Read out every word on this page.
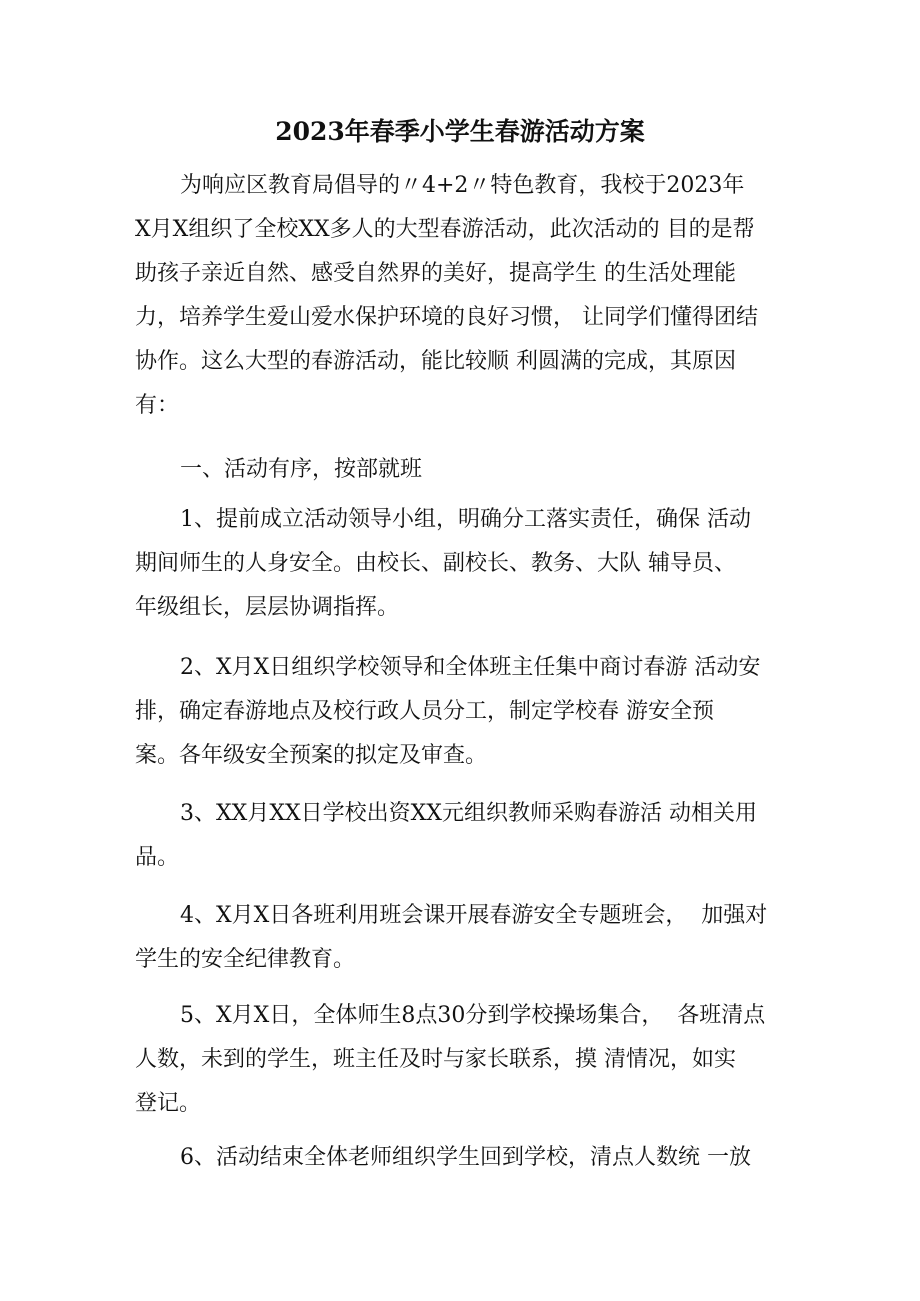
2023年春季小学生春游活动方案
为响应区教育局倡导的〃4+2〃特色教育，我校于2023年
X月X组织了全校XX多人的大型春游活动，此次活动的 目的是帮
助孩子亲近自然、感受自然界的美好，提高学生 的生活处理能
力，培养学生爱山爱水保护环境的良好习惯， 让同学们懂得团结
协作。这么大型的春游活动，能比较顺 利圆满的完成，其原因
有：
一、活动有序，按部就班
1、提前成立活动领导小组，明确分工落实责任，确保 活动
期间师生的人身安全。由校长、副校长、教务、大队 辅导员、
年级组长，层层协调指挥。
2、X月X日组织学校领导和全体班主任集中商讨春游 活动安
排，确定春游地点及校行政人员分工，制定学校春 游安全预
案。各年级安全预案的拟定及审查。
3、XX月XX日学校出资XX元组织教师采购春游活 动相关用
品。
4、X月X日各班利用班会课开展春游安全专题班会，  加强对
学生的安全纪律教育。
5、X月X日，全体师生8点30分到学校操场集合，  各班清点
人数，未到的学生，班主任及时与家长联系，摸 清情况，如实
登记。
6、活动结束全体老师组织学生回到学校，清点人数统 一放
